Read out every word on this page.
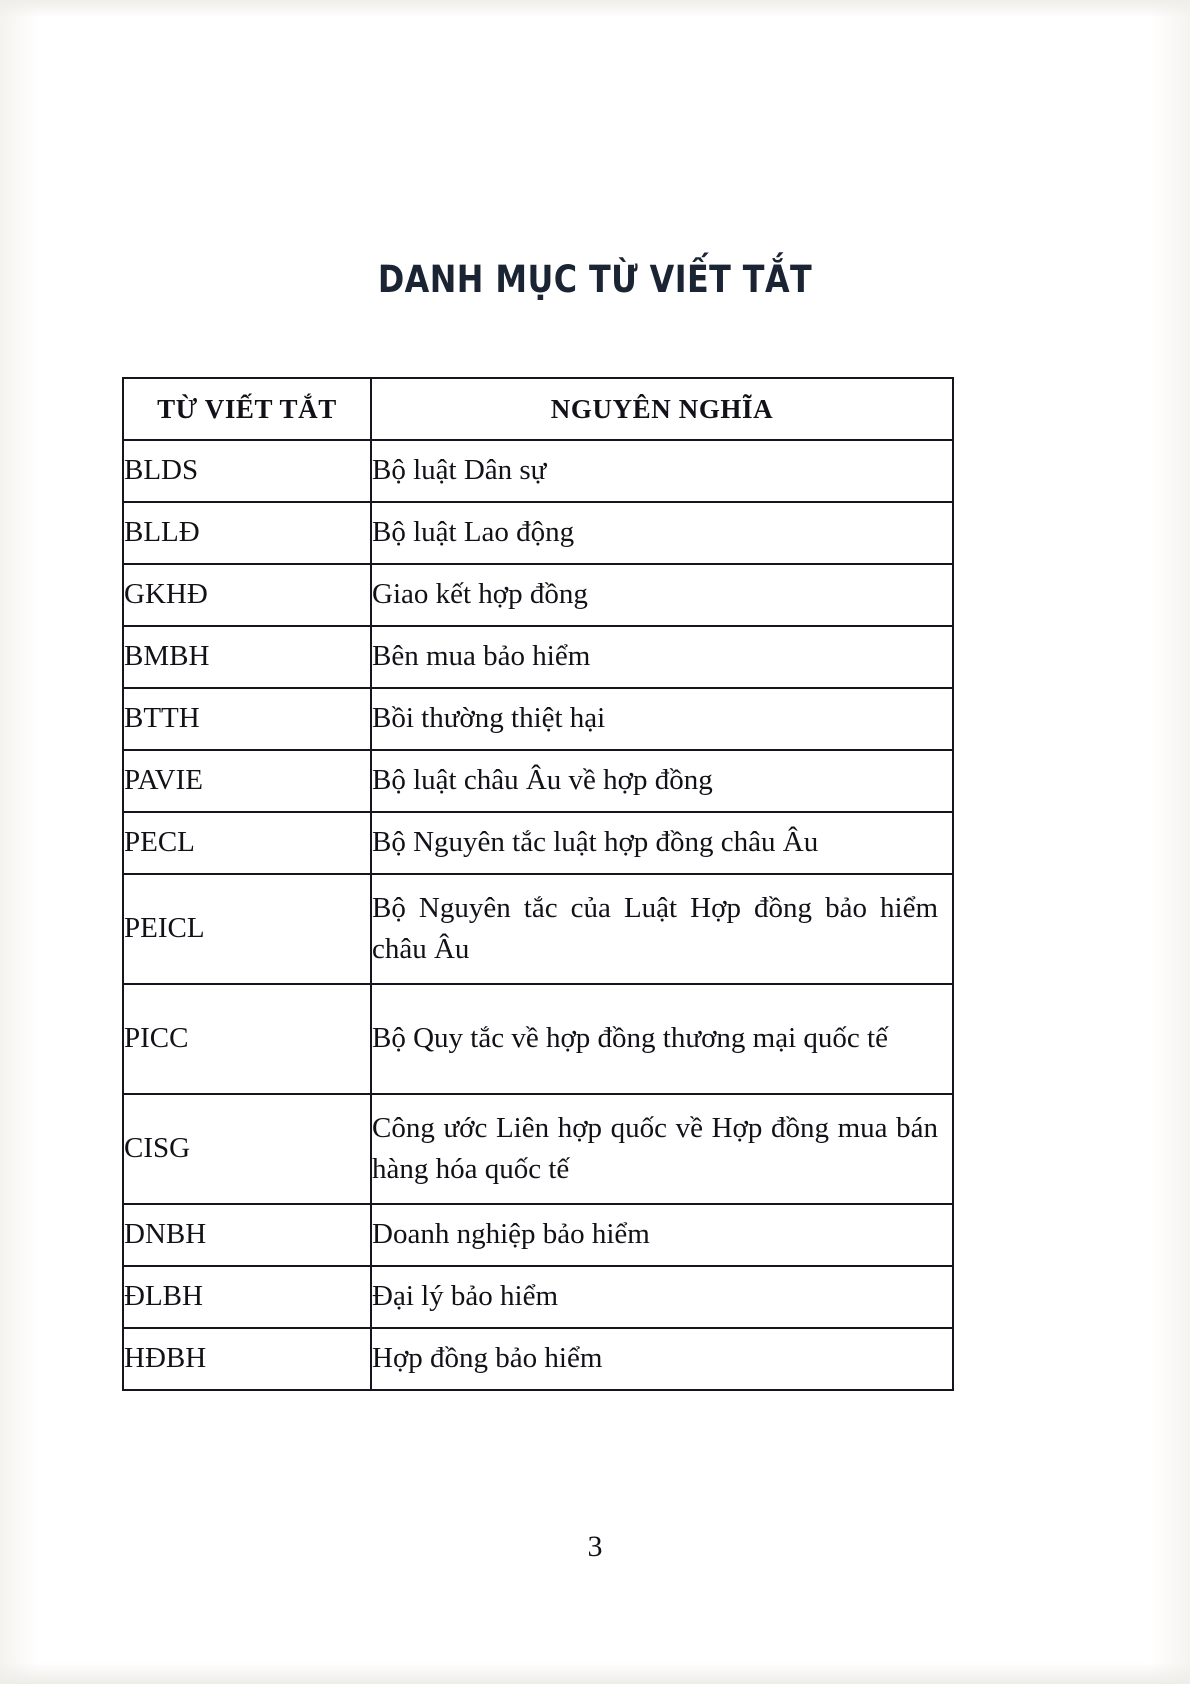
DANH MỤC TỪ VIẾT TẮT
TỪ VIẾT TẮT	NGUYÊN NGHĨA
BLDS	Bộ luật Dân sự
BLLĐ	Bộ luật Lao động
GKHĐ	Giao kết hợp đồng
BMBH	Bên mua bảo hiểm
BTTH	Bồi thường thiệt hại
PAVIE	Bộ luật châu Âu về hợp đồng
PECL	Bộ Nguyên tắc luật hợp đồng châu Âu
PEICL	Bộ Nguyên tắc của Luật Hợp đồng bảo hiểm châu Âu
PICC	Bộ Quy tắc về hợp đồng thương mại quốc tế
CISG	Công ước Liên hợp quốc về Hợp đồng mua bán hàng hóa quốc tế
DNBH	Doanh nghiệp bảo hiểm
ĐLBH	Đại lý bảo hiểm
HĐBH	Hợp đồng bảo hiểm
3
